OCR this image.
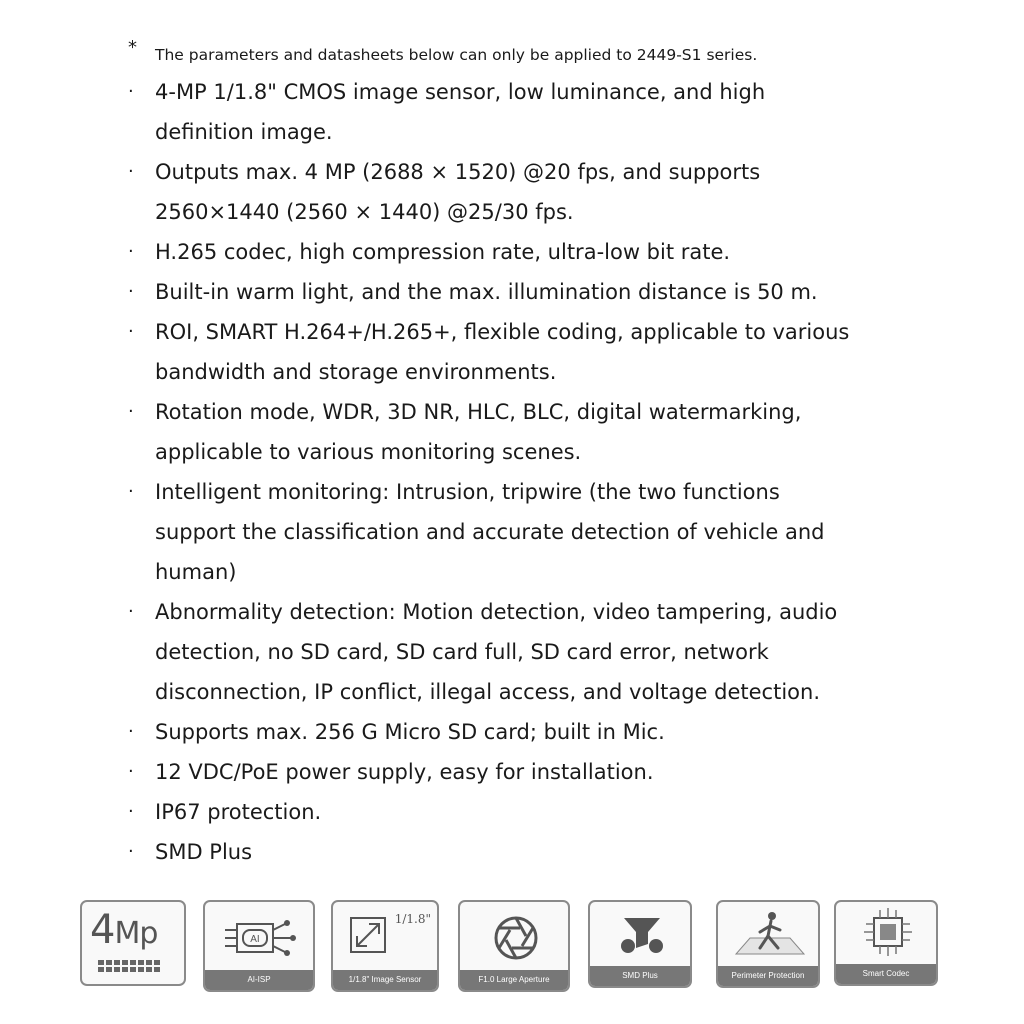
* The parameters and datasheets below can only be applied to 2449-S1 series.
· 4-MP 1/1.8" CMOS image sensor, low luminance, and high
definition image.
· Outputs max. 4 MP (2688 × 1520) @20 fps, and supports
2560×1440 (2560 × 1440) @25/30 fps.
· H.265 codec, high compression rate, ultra-low bit rate.
· Built-in warm light, and the max. illumination distance is 50 m.
· ROI, SMART H.264+/H.265+, flexible coding, applicable to various
bandwidth and storage environments.
· Rotation mode, WDR, 3D NR, HLC, BLC, digital watermarking,
applicable to various monitoring scenes.
· Intelligent monitoring: Intrusion, tripwire (the two functions
support the classification and accurate detection of vehicle and
human)
· Abnormality detection: Motion detection, video tampering, audio
detection, no SD card, SD card full, SD card error, network
disconnection, IP conflict, illegal access, and voltage detection.
· Supports max. 256 G Micro SD card; built in Mic.
· 12 VDC/PoE power supply, easy for installation.
· IP67 protection.
· SMD Plus
4Mp	AI
AI-ISP
1/1.8"
1/1.8" Image Sensor	F1.0 Large Aperture	SMD Plus	Perimeter Protection	Smart Codec
